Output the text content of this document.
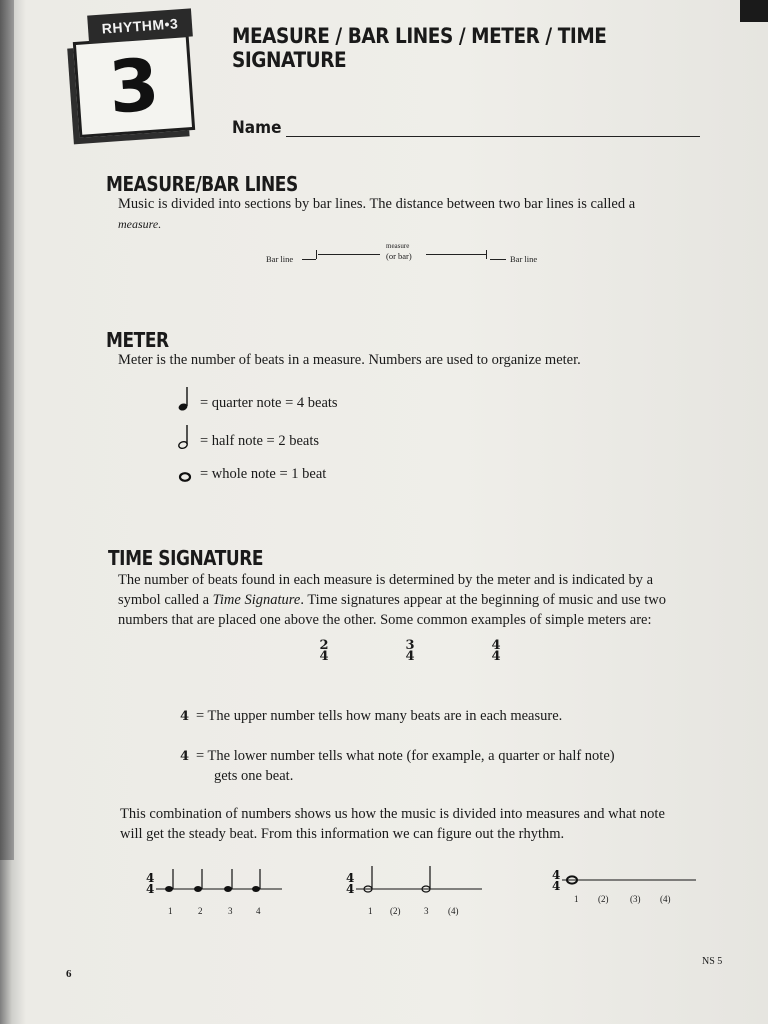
3
RHYTHM•3	MEASURE / BAR LINES / METER / TIME SIGNATURE
Name
MEASURE/BAR LINES
Music is divided into sections by bar lines. The distance between two bar lines is called a
measure.
Bar line
measure
(or bar)	Bar line
METER
Meter is the number of beats in a measure. Numbers are used to organize meter.
= quarter note = 4 beats
= half note = 2 beats
= whole note = 1 beat
TIME SIGNATURE
The number of beats found in each measure is determined by the meter and is indicated by a
symbol called a Time Signature. Time signatures appear at the beginning of music and use two
numbers that are placed one above the other. Some common examples of simple meters are:
2
4
3
4
4
4
4 = The upper number tells how many beats are in each measure.
4 = The lower number tells what note (for example, a quarter or half note)
gets one beat.
This combination of numbers shows us how the music is divided into measures and what note
will get the steady beat. From this information we can figure out the rhythm.
4
4
1	2	3	4
4
4
1 (2)	3 (4)
4
4
1 (2) (3) (4)
6
NS 5
